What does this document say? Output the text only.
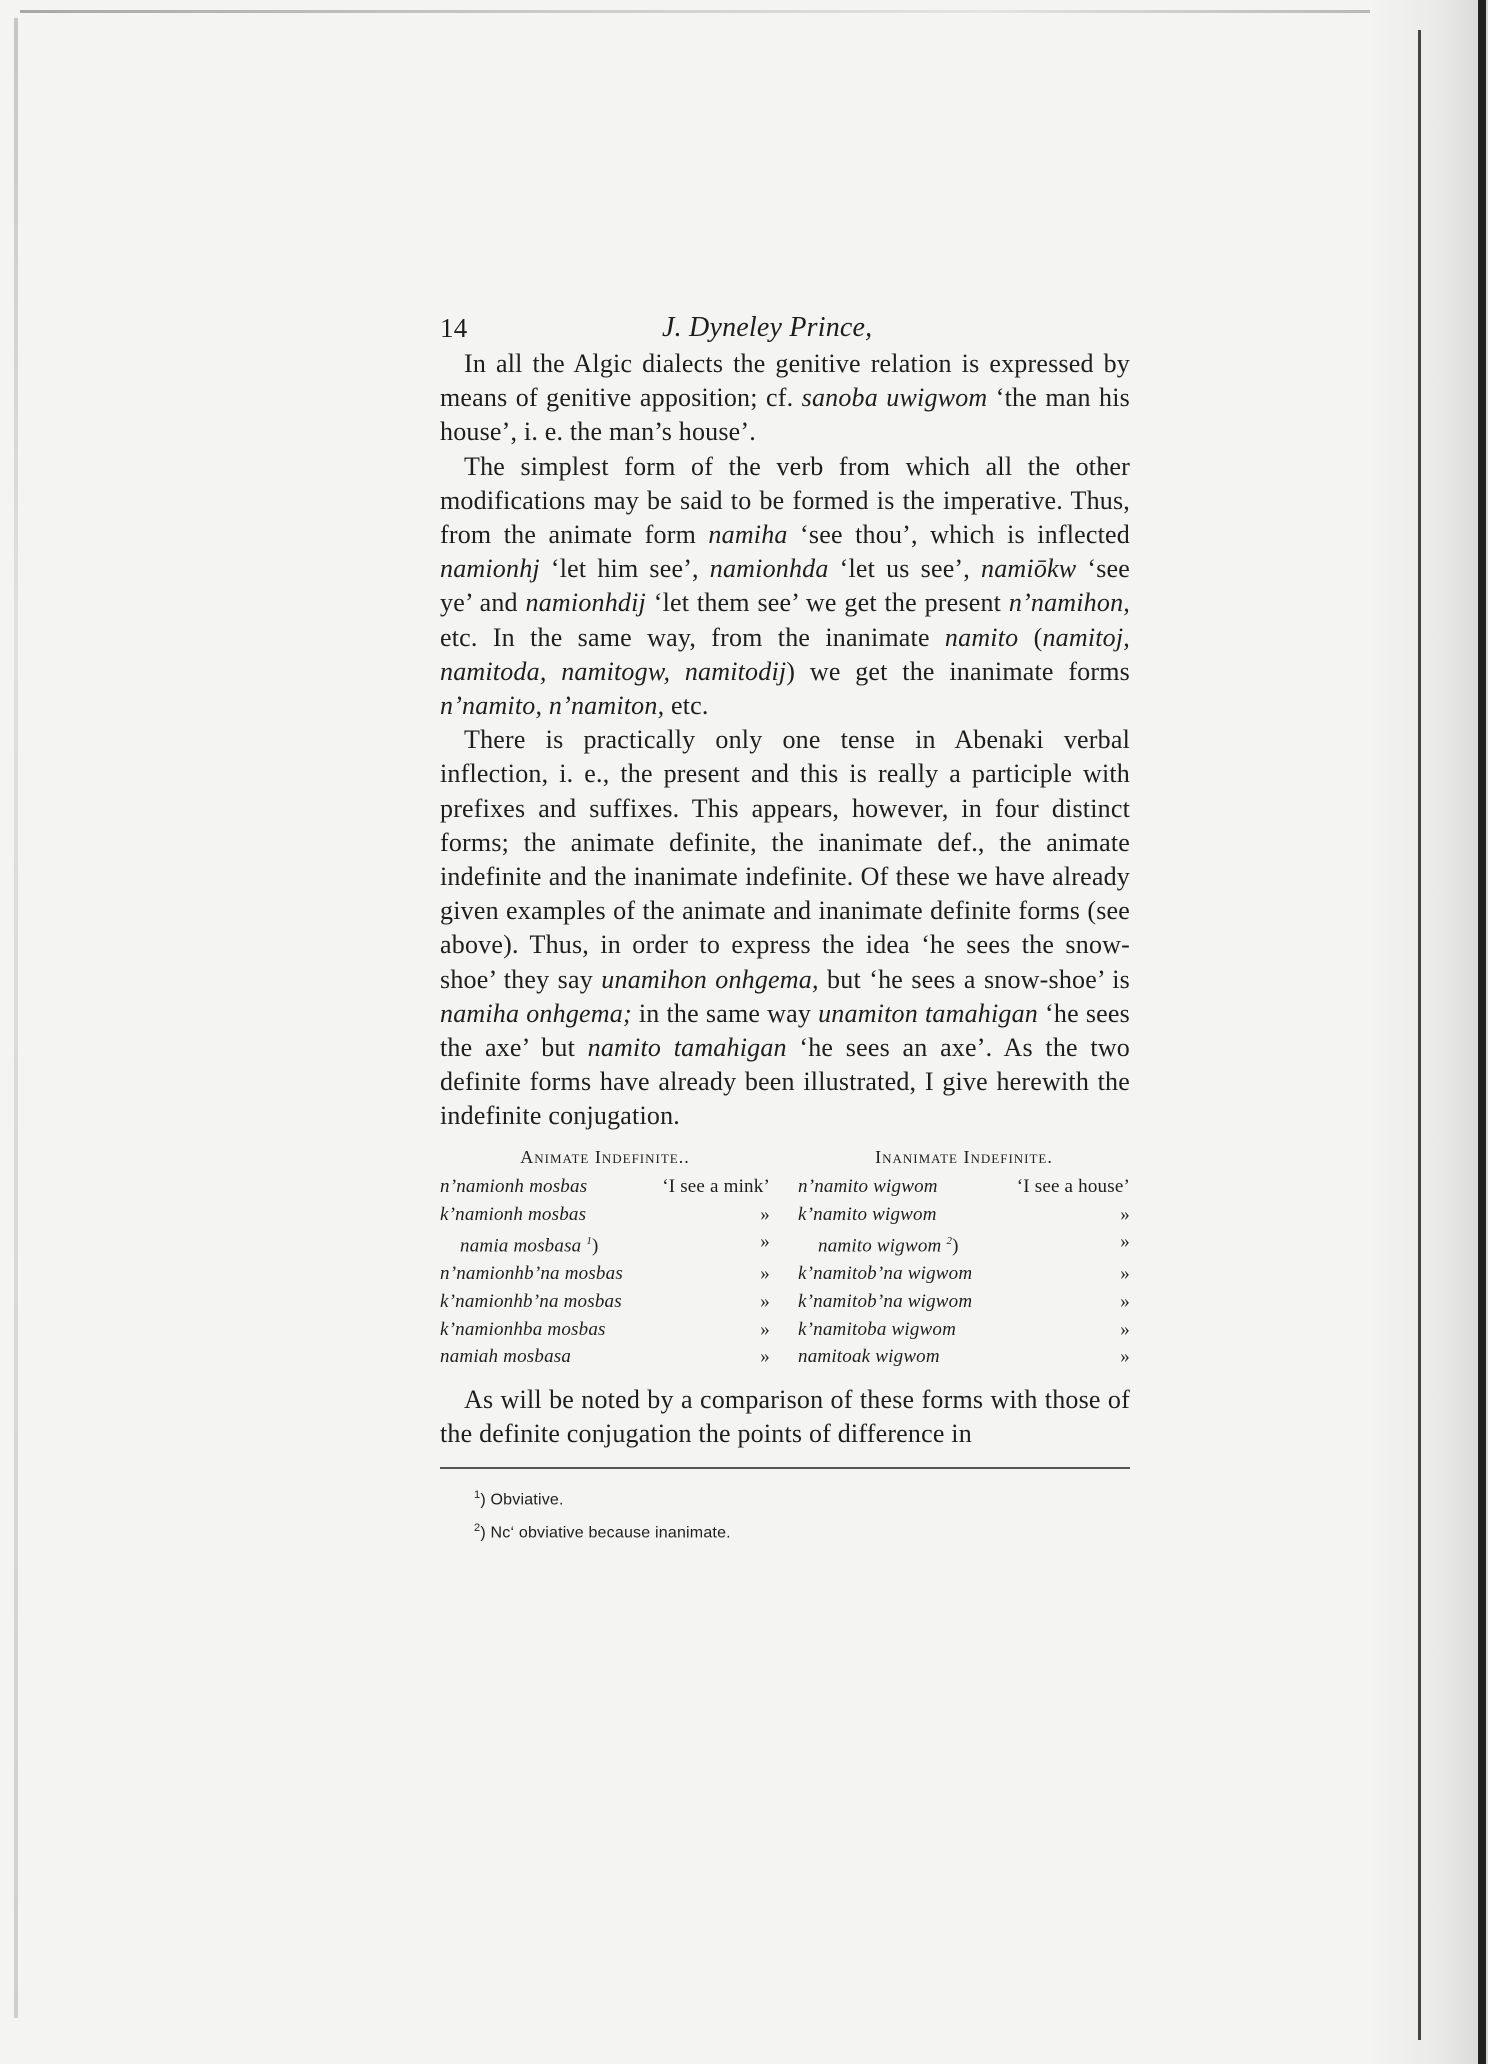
14	J. Dyneley Prince,

In all the Algic dialects the genitive relation is expressed by means of genitive apposition; cf. sanoba uwigwom ‘the man his house’, i. e. the man’s house’.

The simplest form of the verb from which all the other modifications may be said to be formed is the imperative. Thus, from the animate form namiha ‘see thou’, which is inflected namionhj ‘let him see’, namionhda ‘let us see’, namiōkw ‘see ye’ and namionhdij ‘let them see’ we get the present n’namihon, etc. In the same way, from the inanimate namito (namitoj, namitoda, namitogw, namitodij) we get the inanimate forms n’namito, n’namiton, etc.

There is practically only one tense in Abenaki verbal inflection, i. e., the present and this is really a participle with prefixes and suffixes. This appears, however, in four distinct forms; the animate definite, the inanimate def., the animate indefinite and the inanimate indefinite. Of these we have already given examples of the animate and inanimate definite forms (see above). Thus, in order to express the idea ‘he sees the snow-shoe’ they say unamihon onhgema, but ‘he sees a snow-shoe’ is namiha onhgema; in the same way unamiton tamahigan ‘he sees the axe’ but namito tamahigan ‘he sees an axe’. As the two definite forms have already been illustrated, I give herewith the indefinite conjugation.

Animate Indefinite..
n’namionh mosbas	‘I see a mink’
k’namionh mosbas	»
namia mosbasa $^1$)	»
n’namionhb’na mosbas	»
k’namionhb’na mosbas	»
k’namionhba mosbas	»
namiah mosbasa	»
Inanimate Indefinite.
n’namito wigwom	‘I see a house’
k’namito wigwom	»
namito wigwom $^2$)	»
k’namitob’na wigwom	»
k’namitob’na wigwom	»
k’namitoba wigwom	»
namitoak wigwom	»

As will be noted by a comparison of these forms with those of the definite conjugation the points of difference in

$^1$) Obviative.
$^2$) Nc‘ obviative because inanimate.
